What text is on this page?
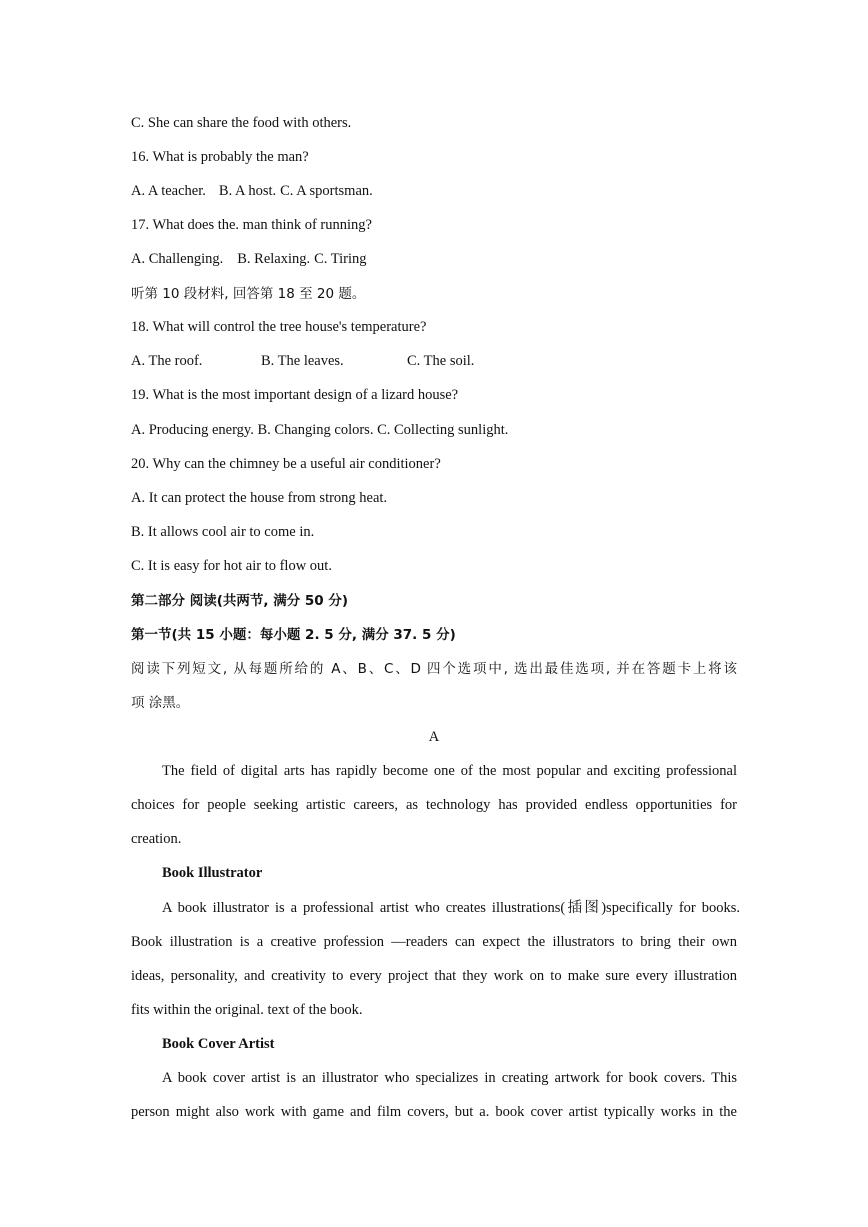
C. She can share the food with others.
16. What is probably the man?
A. A teacher. B. A host. C. A sportsman.
17. What does the. man think of running?
A. Challenging. B. Relaxing. C. Tiring
听第 10 段材料, 回答第 18 至 20 题。
18. What will control the tree house's temperature?
A. The roof.	B. The leaves.	C. The soil.
19. What is the most important design of a lizard house?
A. Producing energy. B. Changing colors. C. Collecting sunlight.
20. Why can the chimney be a useful air conditioner?
A. It can protect the house from strong heat.
B. It allows cool air to come in.
C. It is easy for hot air to flow out.
第二部分 阅读(共两节, 满分 50 分)
第一节(共 15 小题：每小题 2. 5 分, 满分 37. 5 分)
阅读下列短文, 从每题所给的 A、B、C、D 四个选项中, 选出最佳选项, 并在答题卡上将该
项 涂黑。
A
The field of digital arts has rapidly become one of the most popular and exciting professional
choices for people seeking artistic careers, as technology has provided endless opportunities for
creation.
Book Illustrator
A book illustrator is a professional artist who creates illustrations(插图)specifically for books.
Book illustration is a creative profession —readers can expect the illustrators to bring their own
ideas, personality, and creativity to every project that they work on to make sure every illustration
fits within the original. text of the book.
Book Cover Artist
A book cover artist is an illustrator who specializes in creating artwork for book covers. This
person might also work with game and film covers, but a. book cover artist typically works in the
